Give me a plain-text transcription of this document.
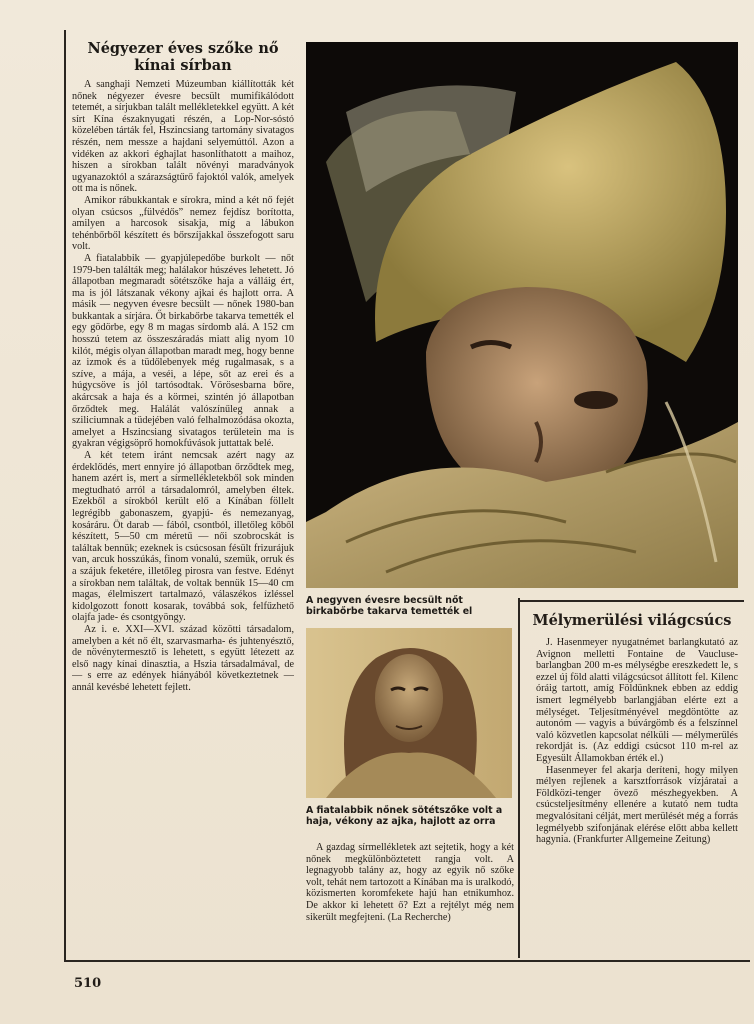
Négyezer éves szőke nő kínai sírban

A sanghaji Nemzeti Múzeumban kiállították két nőnek négyezer évesre becsült mumifikálódott tetemét, a sírjukban talált mellékletekkel együtt. A két sírt Kína északnyugati részén, a Lop-Nor-sóstó közelében tárták fel, Hszincsiang tartomány sivatagos részén, nem messze a hajdani selyemúttól. Azon a vidéken az akkori éghajlat hasonlíthatott a maihoz, hiszen a sírokban talált növényi maradványok ugyanazoktól a szárazságtűrő fajoktól valók, amelyek ott ma is nőnek.

Amikor rábukkantak e sírokra, mind a két nő fejét olyan csúcsos „fülvédős” nemez fejdísz borította, amilyen a harcosok sisakja, míg a lábukon tehénbőrből készített és bőrszíjakkal összefogott saru volt.

A fiatalabbik — gyapjúlepedőbe burkolt — nőt 1979-ben találták meg; halálakor húszéves lehetett. Jó állapotban megmaradt sötétszőke haja a válláig ért, ma is jól látszanak vékony ajkai és hajlott orra. A másik — negyven évesre becsült — nőnek 1980-ban bukkantak a sírjára. Őt birkabőrbe takarva temették el egy gödörbe, egy 8 m magas sírdomb alá. A 152 cm hosszú tetem az összeszáradás miatt alig nyom 10 kilót, mégis olyan állapotban maradt meg, hogy benne az izmok és a tüdőlebenyek még rugalmasak, s a szíve, a mája, a veséi, a lépe, sőt az erei és a húgycsöve is jól tartósodtak. Vörösesbarna bőre, akárcsak a haja és a körmei, szintén jó állapotban őrződtek meg. Halálát valószínűleg annak a sziliciumnak a tüdejében való felhalmozódása okozta, amelyet a Hszincsiang sivatagos területein ma is gyakran végigsöprő homokfúvások juttattak belé.

A két tetem iránt nemcsak azért nagy az érdeklődés, mert ennyire jó állapotban őrződtek meg, hanem azért is, mert a sírmellékletekből sok minden megtudható arról a társadalomról, amelyben éltek. Ezekből a sírokból került elő a Kínában föllelt legrégibb gabonaszem, gyapjú- és nemezanyag, kosáráru. Öt darab — fából, csontból, illetőleg kőből készített, 5—50 cm méretű — női szobrocskát is találtak bennük; ezeknek is csúcsosan fésült frizurájuk van, arcuk hosszúkás, finom vonalú, szemük, orruk és a szájuk feketére, illetőleg pirosra van festve. Edényt a sírokban nem találtak, de voltak bennük 15—40 cm magas, élelmiszert tartalmazó, válaszékos ízléssel kidolgozott fonott kosarak, továbbá sok, felfűzhető olajfa jade- és csontgyöngy.

Az i. e. XXI—XVI. század közötti társadalom, amelyben a két nő élt, szarvasmarha- és juhtenyésztő, de növénytermesztő is lehetett, s együtt létezett az első nagy kínai dinasztia, a Hszia társadalmával, de — s erre az edények hiányából következtetnek — annál kevésbé lehetett fejlett.

A negyven évesre becsült nőt birkabőrbe takarva temették el

A fiatalabbik nőnek sötétszőke volt a haja, vékony az ajka, hajlott az orra

A gazdag sírmellékletek azt sejtetik, hogy a két nőnek megkülönböztetett rangja volt. A legnagyobb talány az, hogy az egyik nő szőke volt, tehát nem tartozott a Kínában ma is uralkodó, közismerten koromfekete hajú han etnikumhoz. De akkor ki lehetett ő? Ezt a rejtélyt még nem sikerült megfejteni. (La Recherche)

Mélymerülési világcsúcs

J. Hasenmeyer nyugatnémet barlangkutató az Avignon melletti Fontaine de Vaucluse-barlangban 200 m-es mélységbe ereszkedett le, s ezzel új föld alatti világcsúcsot állított fel. Kilenc óráig tartott, amíg Földünknek ebben az eddig ismert legmélyebb barlangjában elérte ezt a mélységet. Teljesítményével megdöntötte az autonóm — vagyis a búvárgömb és a felszínnel való közvetlen kapcsolat nélküli — mélymerülés rekordját is. (Az eddigi csúcsot 110 m-rel az Egyesült Államokban érték el.)

Hasenmeyer fel akarja deríteni, hogy milyen mélyen rejlenek a karsztforrások vízjáratai a Földközi-tenger övező mészhegyekben. A csúcsteljesítmény ellenére a kutató nem tudta megvalósítani célját, mert merülését még a forrás legmélyebb szifonjának elérése előtt abba kellett hagynia. (Frankfurter Allgemeine Zeitung)

510
